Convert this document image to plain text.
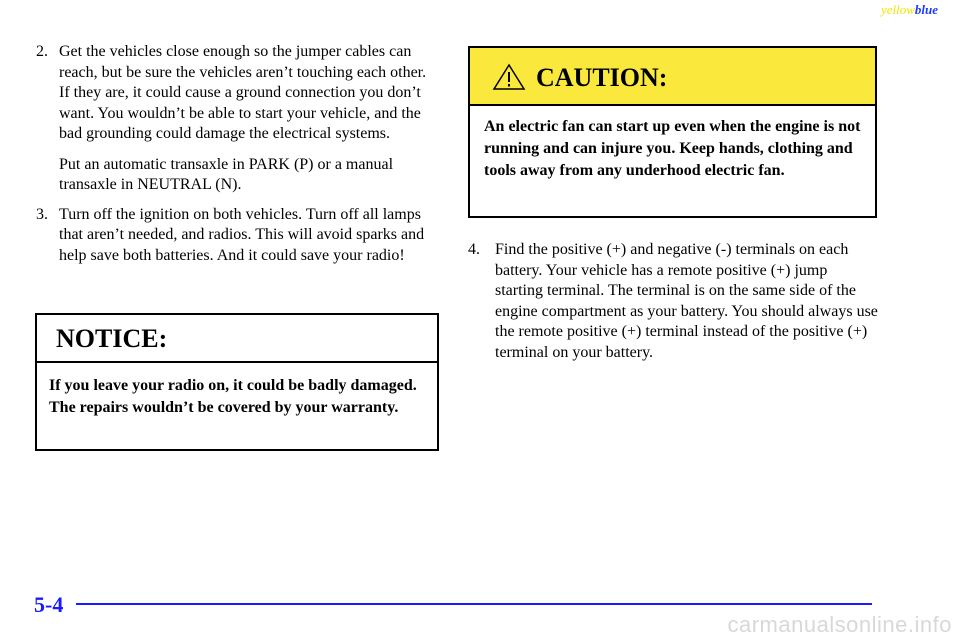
yellowblue
2. Get the vehicles close enough so the jumper cables can reach, but be sure the vehicles aren’t touching each other. If they are, it could cause a ground connection you don’t want. You wouldn’t be able to start your vehicle, and the bad grounding could damage the electrical systems.

Put an automatic transaxle in PARK (P) or a manual transaxle in NEUTRAL (N).

3. Turn off the ignition on both vehicles. Turn off all lamps that aren’t needed, and radios. This will avoid sparks and help save both batteries. And it could save your radio!

NOTICE:
If you leave your radio on, it could be badly damaged. The repairs wouldn’t be covered by your warranty.
CAUTION:
An electric fan can start up even when the engine is not running and can injure you. Keep hands, clothing and tools away from any underhood electric fan.
4. Find the positive (+) and negative (-) terminals on each battery. Your vehicle has a remote positive (+) jump starting terminal. The terminal is on the same side of the engine compartment as your battery. You should always use the remote positive (+) terminal instead of the positive (+) terminal on your battery.
5-4
carmanualsonline.info
